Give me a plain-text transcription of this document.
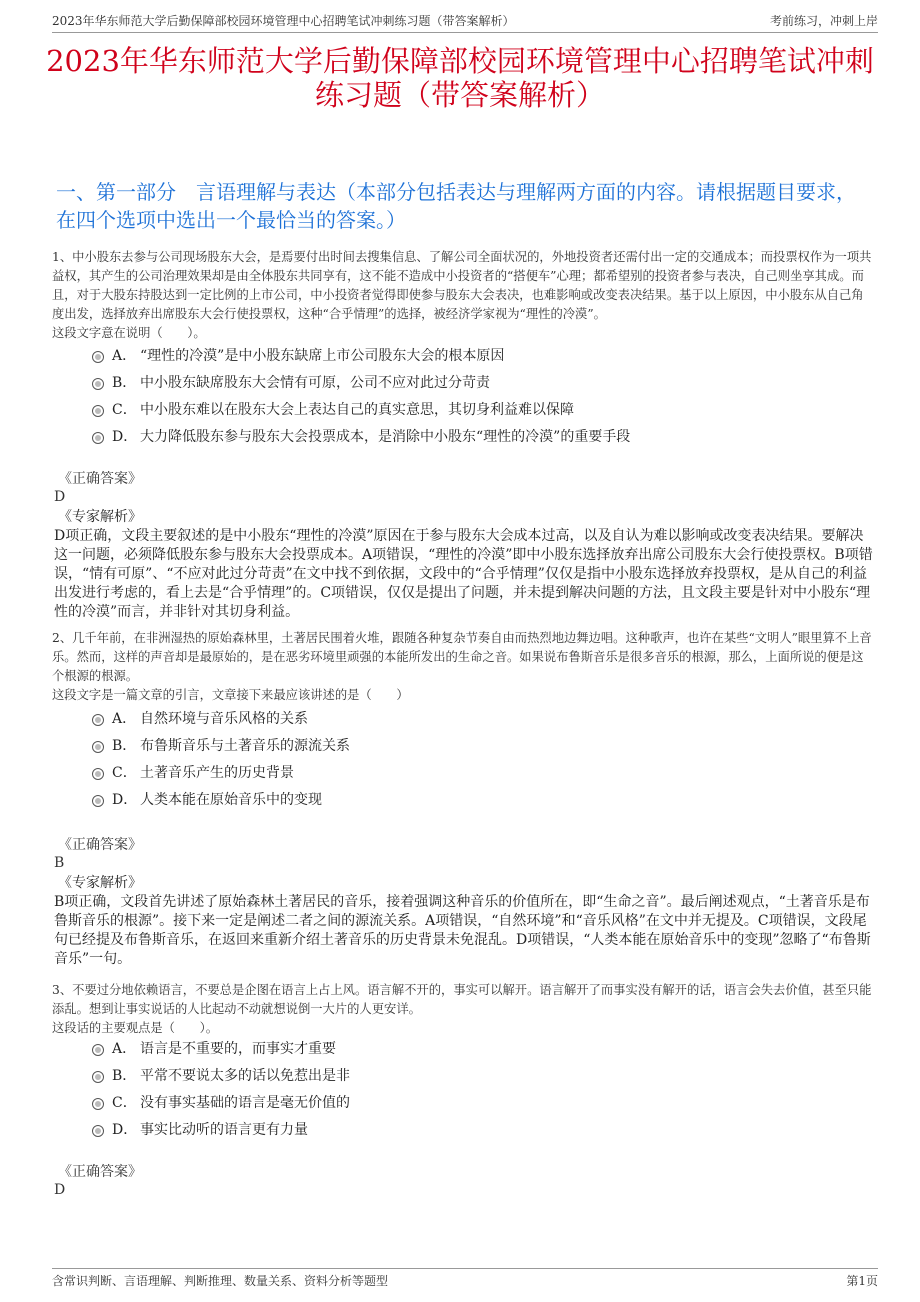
2023年华东师范大学后勤保障部校园环境管理中心招聘笔试冲刺练习题（带答案解析）	考前练习，冲刺上岸
2023年华东师范大学后勤保障部校园环境管理中心招聘笔试冲刺练习题（带答案解析）
一、第一部分　言语理解与表达（本部分包括表达与理解两方面的内容。请根据题目要求，在四个选项中选出一个最恰当的答案。）
1、中小股东去参与公司现场股东大会，是焉要付出时间去搜集信息、了解公司全面状况的，外地投资者还需付出一定的交通成本；而投票权作为一项共益权，其产生的公司治理效果却是由全体股东共同享有，这不能不造成中小投资者的“搭便车”心理；都希望别的投资者参与表决，自己则坐享其成。而且，对于大股东持股达到一定比例的上市公司，中小投资者觉得即使参与股东大会表决，也难影响或改变表决结果。基于以上原因，中小股东从自己角度出发，选择放弃出席股东大会行使投票权，这种“合乎情理”的选择，被经济学家视为“理性的冷漠”。
这段文字意在说明（　　）。
A． “理性的冷漠”是中小股东缺席上市公司股东大会的根本原因
B． 中小股东缺席股东大会情有可原，公司不应对此过分苛责
C． 中小股东难以在股东大会上表达自己的真实意思，其切身利益难以保障
D． 大力降低股东参与股东大会投票成本，是消除中小股东“理性的冷漠”的重要手段
《正确答案》
D
《专家解析》
D项正确，文段主要叙述的是中小股东“理性的冷漠”原因在于参与股东大会成本过高，以及自认为难以影响或改变表决结果。要解决这一问题，必须降低股东参与股东大会投票成本。A项错误，“理性的冷漠”即中小股东选择放弃出席公司股东大会行使投票权。B项错误，“情有可原”、“不应对此过分苛责”在文中找不到依据，文段中的“合乎情理”仅仅是指中小股东选择放弃投票权，是从自己的利益出发进行考虑的，看上去是“合乎情理”的。C项错误，仅仅是提出了问题，并未提到解决问题的方法，且文段主要是针对中小股东“理性的冷漠”而言，并非针对其切身利益。
2、几千年前，在非洲湿热的原始森林里，土著居民围着火堆，跟随各种复杂节奏自由而热烈地边舞边唱。这种歌声，也许在某些“文明人”眼里算不上音乐。然而，这样的声音却是最原始的，是在恶劣环境里顽强的本能所发出的生命之音。如果说布鲁斯音乐是很多音乐的根源，那么，上面所说的便是这个根源的根源。
这段文字是一篇文章的引言，文章接下来最应该讲述的是（　　）
A． 自然环境与音乐风格的关系
B． 布鲁斯音乐与土著音乐的源流关系
C． 土著音乐产生的历史背景
D． 人类本能在原始音乐中的变现
《正确答案》
B
《专家解析》
B项正确，文段首先讲述了原始森林土著居民的音乐，接着强调这种音乐的价值所在，即“生命之音”。最后阐述观点，“土著音乐是布鲁斯音乐的根源”。接下来一定是阐述二者之间的源流关系。A项错误，“自然环境”和“音乐风格”在文中并无提及。C项错误，文段尾句已经提及布鲁斯音乐，在返回来重新介绍土著音乐的历史背景未免混乱。D项错误，“人类本能在原始音乐中的变现”忽略了“布鲁斯音乐”一句。
3、不要过分地依赖语言，不要总是企图在语言上占上风。语言解不开的，事实可以解开。语言解开了而事实没有解开的话，语言会失去价值，甚至只能添乱。想到让事实说话的人比起动不动就想说倒一大片的人更安详。
这段话的主要观点是（　　）。
A． 语言是不重要的，而事实才重要
B． 平常不要说太多的话以免惹出是非
C． 没有事实基础的语言是毫无价值的
D． 事实比动听的语言更有力量
《正确答案》
D
含常识判断、言语理解、判断推理、数量关系、资料分析等题型	第1页
